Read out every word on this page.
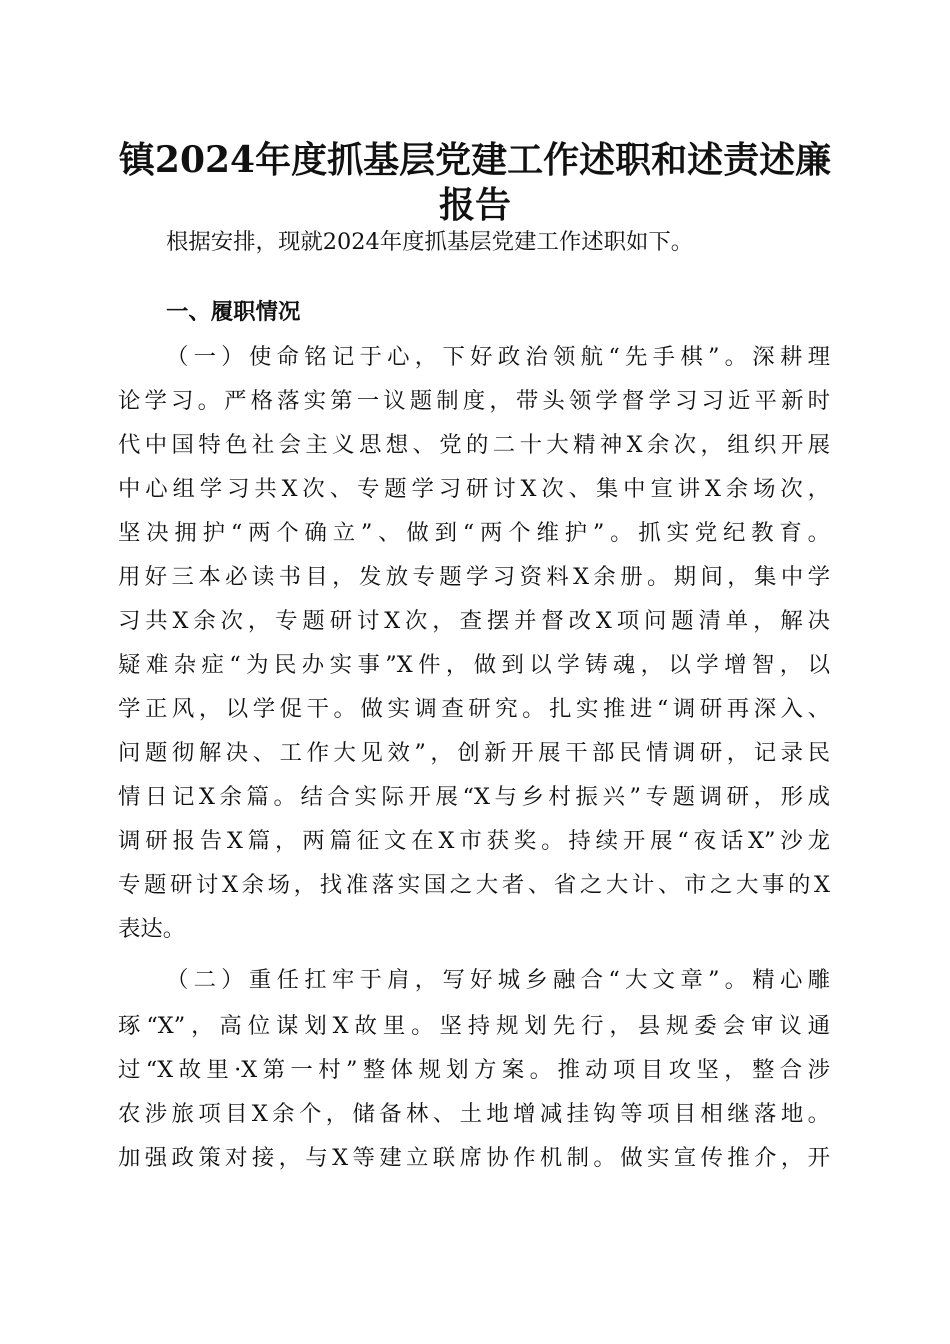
镇2024年度抓基层党建工作述职和述责述廉
报告
根据安排，现就2024年度抓基层党建工作述职如下。
一、履职情况
（一）使命铭记于心，下好政治领航“先手棋”。深耕理
论学习。严格落实第一议题制度，带头领学督学习习近平新时
代中国特色社会主义思想、党的二十大精神X余次，组织开展
中心组学习共X次、专题学习研讨X次、集中宣讲X余场次，
坚决拥护“两个确立”、做到“两个维护”。抓实党纪教育。
用好三本必读书目，发放专题学习资料X余册。期间，集中学
习共X余次，专题研讨X次，查摆并督改X项问题清单，解决
疑难杂症“为民办实事”X件，做到以学铸魂，以学增智，以
学正风，以学促干。做实调查研究。扎实推进“调研再深入、
问题彻解决、工作大见效”，创新开展干部民情调研，记录民
情日记X余篇。结合实际开展“X与乡村振兴”专题调研，形成
调研报告X篇，两篇征文在X市获奖。持续开展“夜话X”沙龙
专题研讨X余场，找准落实国之大者、省之大计、市之大事的X
表达。
（二）重任扛牢于肩，写好城乡融合“大文章”。精心雕
琢“X”，高位谋划X故里。坚持规划先行，县规委会审议通
过“X故里·X第一村”整体规划方案。推动项目攻坚，整合涉
农涉旅项目X余个，储备林、土地增减挂钩等项目相继落地。
加强政策对接，与X等建立联席协作机制。做实宣传推介，开
